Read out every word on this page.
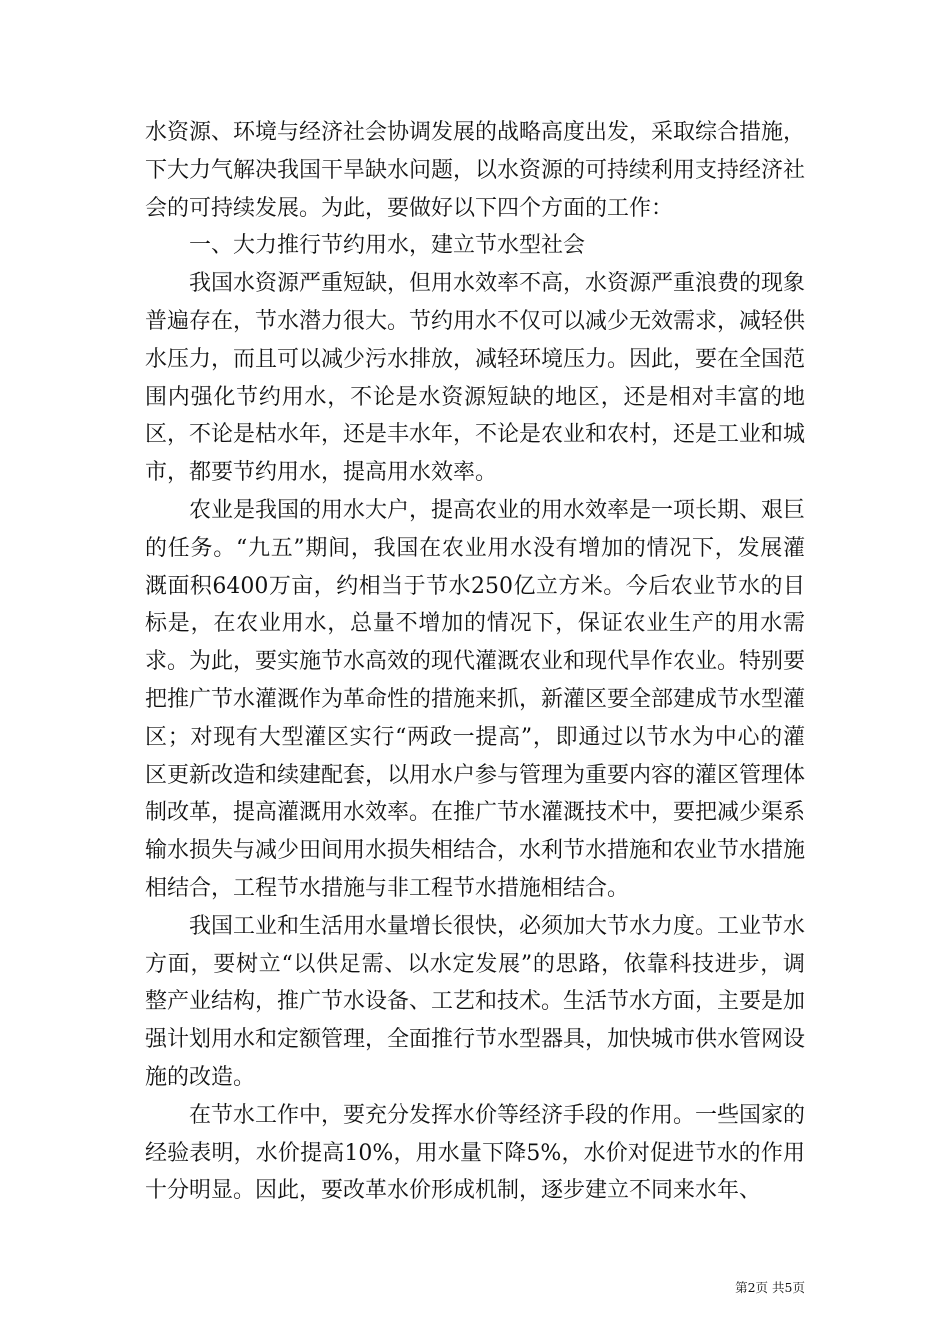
水资源、环境与经济社会协调发展的战略高度出发，采取综合措施，下大力气解决我国干旱缺水问题，以水资源的可持续利用支持经济社会的可持续发展。为此，要做好以下四个方面的工作：

一、大力推行节约用水，建立节水型社会

我国水资源严重短缺，但用水效率不高，水资源严重浪费的现象普遍存在，节水潜力很大。节约用水不仅可以减少无效需求，减轻供水压力，而且可以减少污水排放，减轻环境压力。因此，要在全国范围内强化节约用水，不论是水资源短缺的地区，还是相对丰富的地区，不论是枯水年，还是丰水年，不论是农业和农村，还是工业和城市，都要节约用水，提高用水效率。

农业是我国的用水大户，提高农业的用水效率是一项长期、艰巨的任务。“九五”期间，我国在农业用水没有增加的情况下，发展灌溉面积6400万亩，约相当于节水250亿立方米。今后农业节水的目标是，在农业用水，总量不增加的情况下，保证农业生产的用水需求。为此，要实施节水高效的现代灌溉农业和现代旱作农业。特别要把推广节水灌溉作为革命性的措施来抓，新灌区要全部建成节水型灌区；对现有大型灌区实行“两政一提高”，即通过以节水为中心的灌区更新改造和续建配套，以用水户参与管理为重要内容的灌区管理体制改革，提高灌溉用水效率。在推广节水灌溉技术中，要把减少渠系输水损失与减少田间用水损失相结合，水利节水措施和农业节水措施相结合，工程节水措施与非工程节水措施相结合。

我国工业和生活用水量增长很快，必须加大节水力度。工业节水方面，要树立“以供足需、以水定发展”的思路，依靠科技进步，调整产业结构，推广节水设备、工艺和技术。生活节水方面，主要是加强计划用水和定额管理，全面推行节水型器具，加快城市供水管网设施的改造。

在节水工作中，要充分发挥水价等经济手段的作用。一些国家的经验表明，水价提高10%，用水量下降5%，水价对促进节水的作用十分明显。因此，要改革水价形成机制，逐步建立不同来水年、

第2页 共5页
